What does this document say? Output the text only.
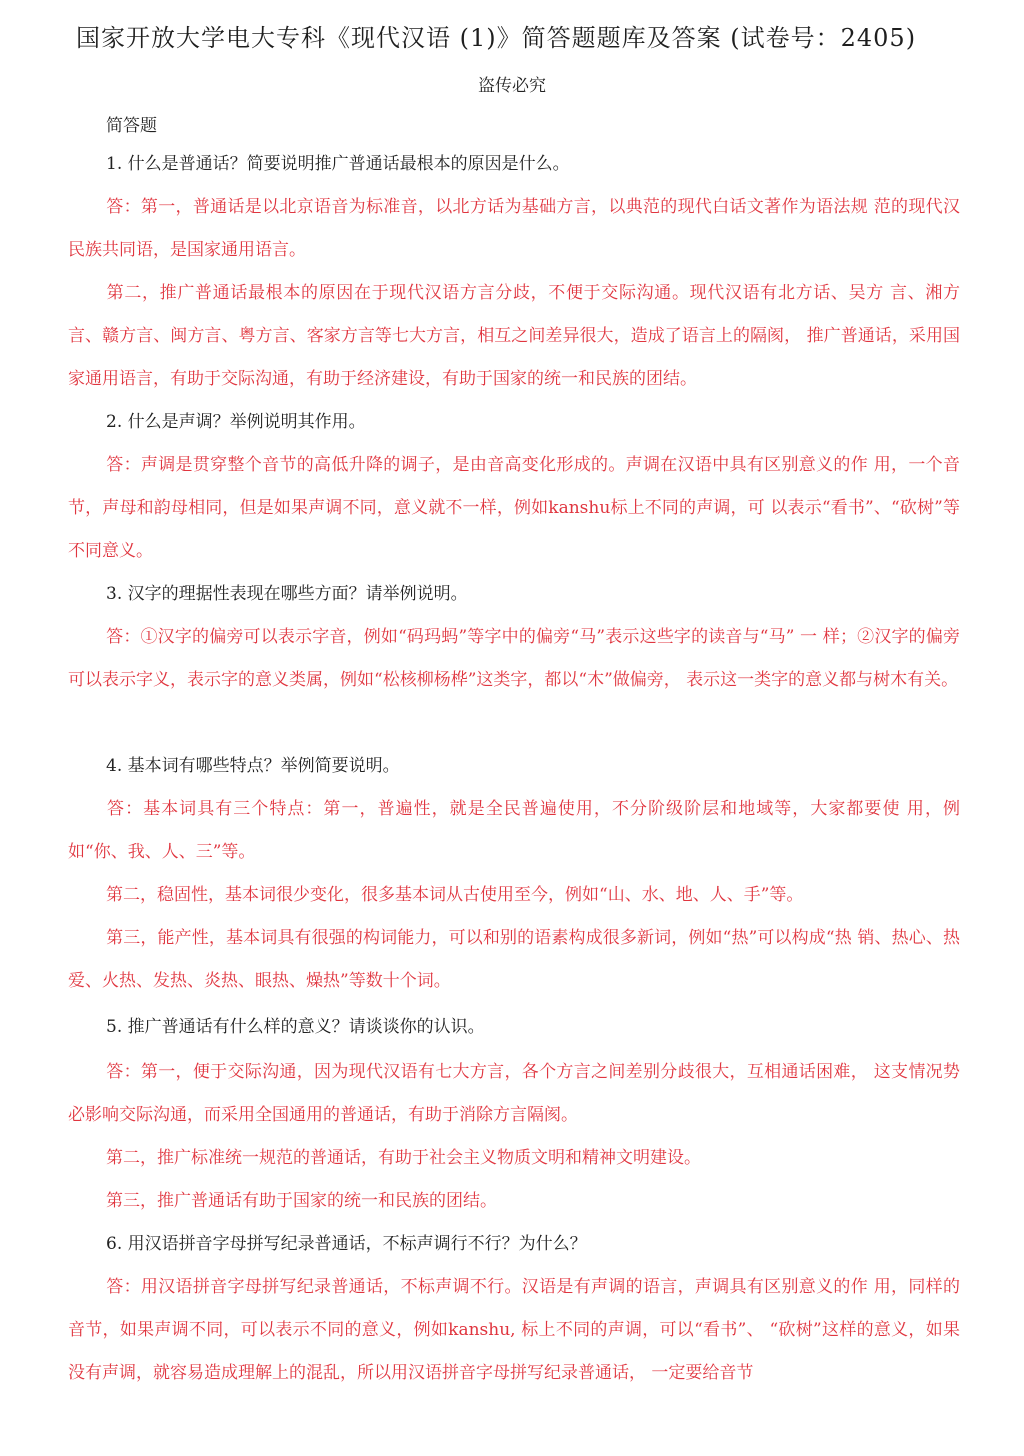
国家开放大学电大专科《现代汉语 (1)》简答题题库及答案 (试卷号：2405)
盗传必究
简答题
1. 什么是普通话？简要说明推广普通话最根本的原因是什么。
答：第一，普通话是以北京语音为标准音，以北方话为基础方言，以典范的现代白话文著作为语法规 范的现代汉民族共同语，是国家通用语言。
第二，推广普通话最根本的原因在于现代汉语方言分歧，不便于交际沟通。现代汉语有北方话、吴方 言、湘方言、赣方言、闽方言、粤方言、客家方言等七大方言，相互之间差异很大，造成了语言上的隔阂， 推广普通话，采用国家通用语言，有助于交际沟通，有助于经济建设，有助于国家的统一和民族的团结。
2. 什么是声调？举例说明其作用。
答：声调是贯穿整个音节的高低升降的调子，是由音高变化形成的。声调在汉语中具有区别意义的作 用，一个音节，声母和韵母相同，但是如果声调不同，意义就不一样，例如kanshu标上不同的声调，可 以表示“看书”、“砍树”等不同意义。
3. 汉字的理据性表现在哪些方面？请举例说明。
答：①汉字的偏旁可以表示字音，例如“码玛蚂”等字中的偏旁“马”表示这些字的读音与“马” 一 样；②汉字的偏旁可以表示字义，表示字的意义类属，例如“松核柳杨桦”这类字，都以“木”做偏旁， 表示这一类字的意义都与树木有关。
4. 基本词有哪些特点？举例简要说明。
答：基本词具有三个特点：第一，普遍性，就是全民普遍使用，不分阶级阶层和地域等，大家都要使 用，例如“你、我、人、三”等。
第二，稳固性，基本词很少变化，很多基本词从古使用至今，例如“山、水、地、人、手”等。
第三，能产性，基本词具有很强的构词能力，可以和别的语素构成很多新词，例如“热”可以构成“热 销、热心、热爱、火热、发热、炎热、眼热、燥热”等数十个词。
5. 推广普通话有什么样的意义？请谈谈你的认识。
答：第一，便于交际沟通，因为现代汉语有七大方言，各个方言之间差别分歧很大，互相通话困难， 这支情况势必影响交际沟通，而采用全国通用的普通话，有助于消除方言隔阂。
第二，推广标准统一规范的普通话，有助于社会主义物质文明和精神文明建设。
第三，推广普通话有助于国家的统一和民族的团结。
6. 用汉语拼音字母拼写纪录普通话，不标声调行不行？为什么？
答：用汉语拼音字母拼写纪录普通话，不标声调不行。汉语是有声调的语言，声调具有区别意义的作 用，同样的音节，如果声调不同，可以表示不同的意义，例如kanshu, 标上不同的声调，可以“看书”、 “砍树”这样的意义，如果没有声调，就容易造成理解上的混乱，所以用汉语拼音字母拼写纪录普通话， 一定要给音节
